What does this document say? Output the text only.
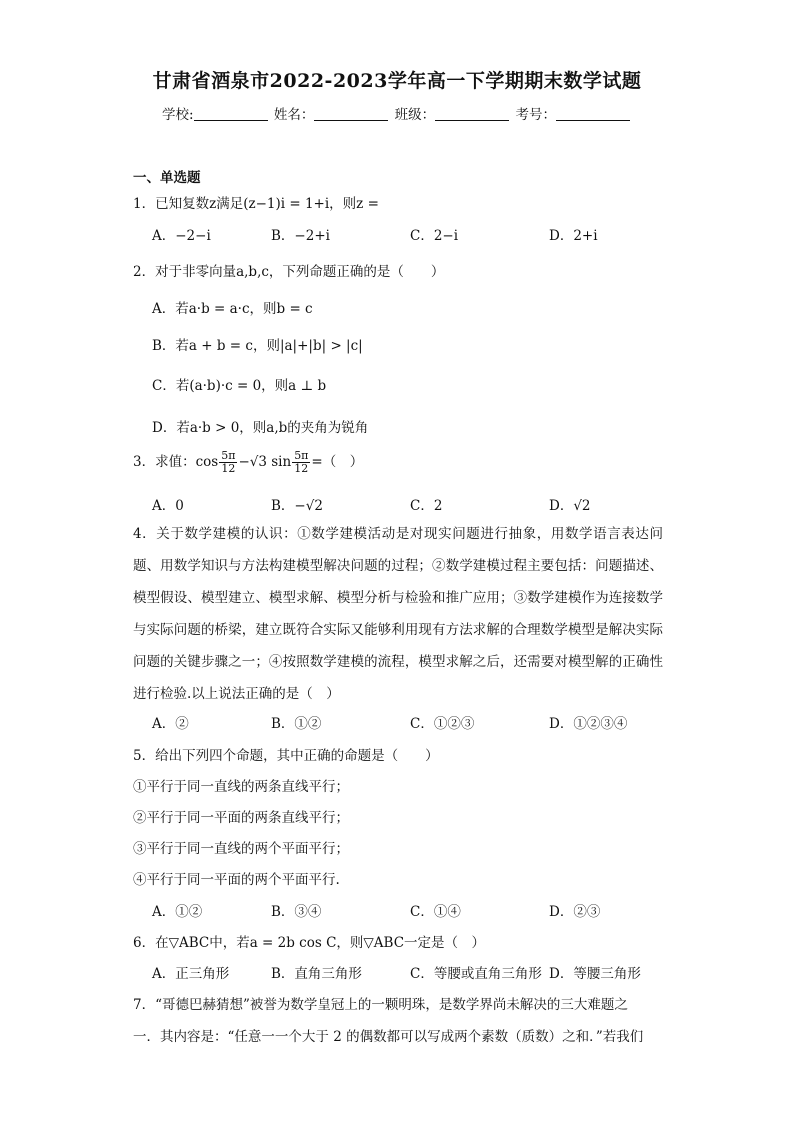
甘肃省酒泉市2022-2023学年高一下学期期末数学试题
学校:	姓名：	班级：	考号：
一、单选题
1．已知复数z满足(z−1)i = 1+i，则z =
A．−2−i	B．−2+i	C．2−i	D．2+i
2．对于非零向量a,b,c，下列命题正确的是（　　）
A．若a·b = a·c，则b = c
B．若a + b = c，则|a|+|b| > |c|
C．若(a·b)·c = 0，则a ⊥ b
D．若a·b > 0，则a,b的夹角为锐角
3．求值：$\cos \frac{5\pi}{12} -√3$ $\sin \frac{5\pi}{12}$ =（　）
A．0	B．−√2	C．2	D．√2
4．关于数学建模的认识：①数学建模活动是对现实问题进行抽象，用数学语言表达问题、用数学知识与方法构建模型解决问题的过程；②数学建模过程主要包括：问题描述、模型假设、模型建立、模型求解、模型分析与检验和推广应用；③数学建模作为连接数学与实际问题的桥梁，建立既符合实际又能够利用现有方法求解的合理数学模型是解决实际问题的关键步骤之一；④按照数学建模的流程，模型求解之后，还需要对模型解的正确性进行检验.以上说法正确的是（　）
A．②	B．①②	C．①②③	D．①②③④
5．给出下列四个命题，其中正确的命题是（　　）
①平行于同一直线的两条直线平行；
②平行于同一平面的两条直线平行；
③平行于同一直线的两个平面平行；
④平行于同一平面的两个平面平行.
A．①②	B．③④	C．①④	D．②③
6．在▽ABC中，若a = 2b cos C，则▽ABC一定是（　）
A．正三角形	B．直角三角形	C．等腰或直角三角形 D．等腰三角形
7．“哥德巴赫猜想”被誉为数学皇冠上的一颗明珠，是数学界尚未解决的三大难题之
一．其内容是：“任意一一个大于 2 的偶数都可以写成两个素数（质数）之和．”若我们
